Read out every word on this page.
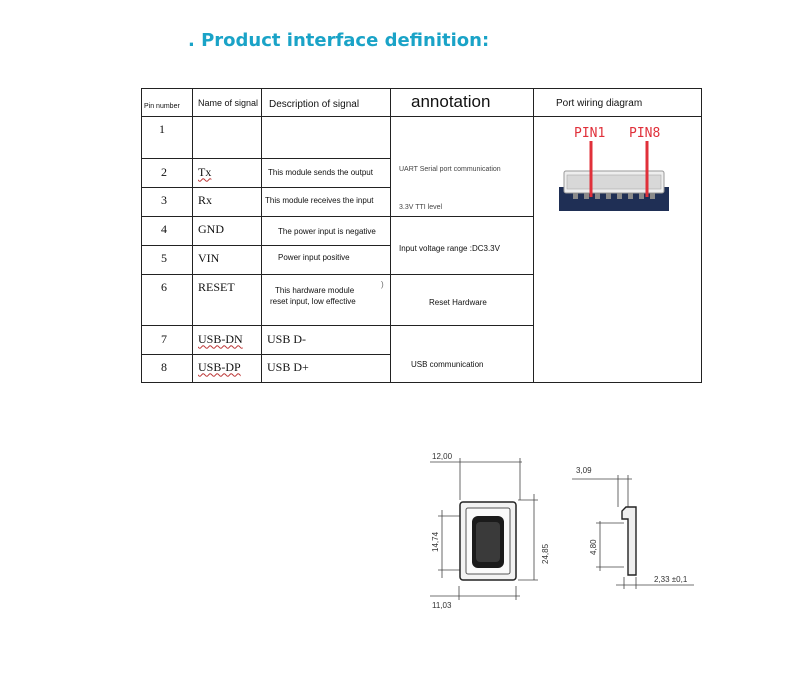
. Product interface definition:
Pin number Name of signal Description of signal	annotation	Port wiring diagram
1
2
3
4
5
6
7
8
Tx
Rx
GND
VIN
RESET
USB-DN
USB-DP
This module sends the output
This module receives the input
The power input is negative
Power input positive
This hardware module
reset input, low effective
)
USB D-
USB D+
UART Serial port communication
3.3V TTI level
Input voltage range :DC3.3V
Reset Hardware
USB communication
PIN1 PIN8
12,00
11,03
14,74
24,85
3,09
4,80
2,33 ±0,1
